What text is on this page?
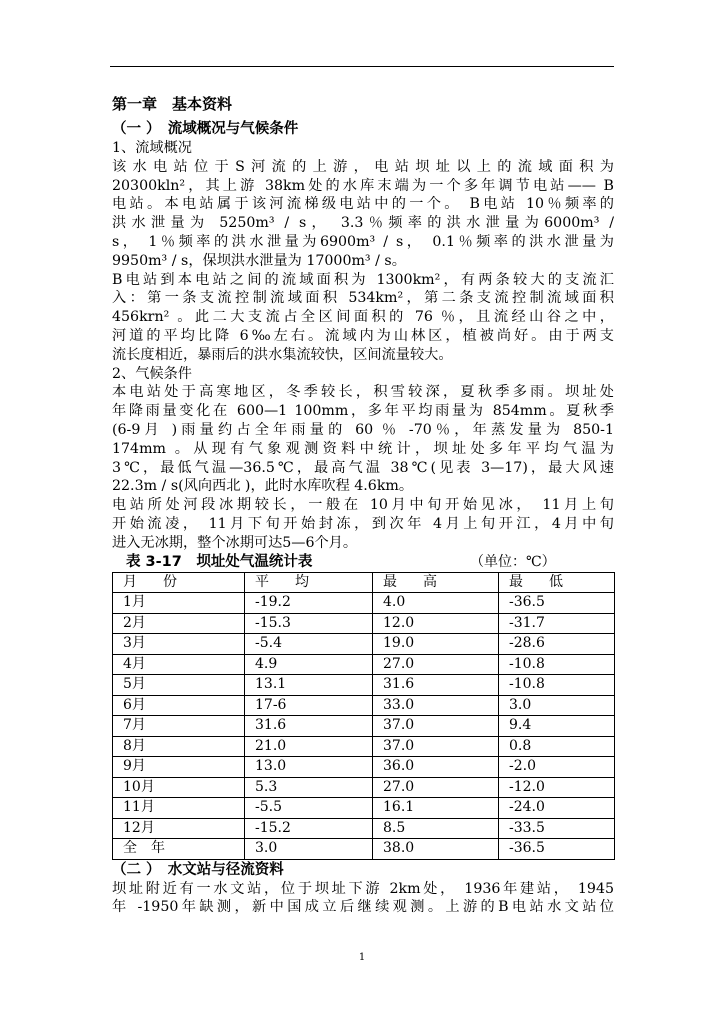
第一章　基本资料
（一 ）　流域概况与气候条件
1、流域概况
该水电站位于S河流的上游，电站坝址以上的流域面积为
20300kln²，其上游 38km处的水库末端为一个多年调节电站—— B
电站。本电站属于该河流梯级电站中的一个。 B电站 10％频率的
洪水泄量为 5250m³ / s， 3.3％频率的洪水泄量为6000m³ /
s， 1％频率的洪水泄量为6900m³ / s， 0.1％频率的洪水泄量为
9950m³ / s，保坝洪水泄量为 17000m³ / s。
B电站到本电站之间的流域面积为 1300km²，有两条较大的支流汇
入：第一条支流控制流域面积 534km²，第二条支流控制流域面积
456krn² 。此二大支流占全区间面积的 76 ％，且流经山谷之中，
河道的平均比降 6‰左右。流域内为山林区，植被尚好。由于两支
流长度相近，暴雨后的洪水集流较快，区间流量较大。
2、气候条件
本电站处于高寒地区，冬季较长，积雪较深，夏秋季多雨。坝址处
年降雨量变化在 600—1 100mm，多年平均雨量为 854mm。夏秋季
(6-9月 )雨量约占全年雨量的 60 ％ -70％，年蒸发量为 850-1
174mm 。从现有气象观测资料中统计，坝址处多年平均气温为
3℃，最低气温—36.5℃，最高气温 38℃(见表 3—17)，最大风速
22.3m / s(风向西北 )，此时水库吹程 4.6km。
电站所处河段冰期较长，一般在 10月中旬开始见冰， 11月上旬
开始流凌， 11月下旬开始封冻，到次年 4月上旬开江，4月中旬
进入无冰期，整个冰期可达5—6个月。
表 3-17　坝址处气温统计表	（单位：℃）
月　份	平　均	最　高	最　低
1月	-19.2	4.0	-36.5
2月	-15.3	12.0	-31.7
3月	-5.4	19.0	-28.6
4月	4.9	27.0	-10.8
5月	13.1	31.6	-10.8
6月	17-6	33.0	3.0
7月	31.6	37.0	9.4
8月	21.0	37.0	0.8
9月	13.0	36.0	-2.0
10月	5.3	27.0	-12.0
11月	-5.5	16.1	-24.0
12月	-15.2	8.5	-33.5
全　年	3.0	38.0	-36.5
（二 ）　水文站与径流资料
坝址附近有一水文站，位于坝址下游 2km处， 1936年建站， 1945
年 -1950年缺测，新中国成立后继续观测。上游的B电站水文站位
1
